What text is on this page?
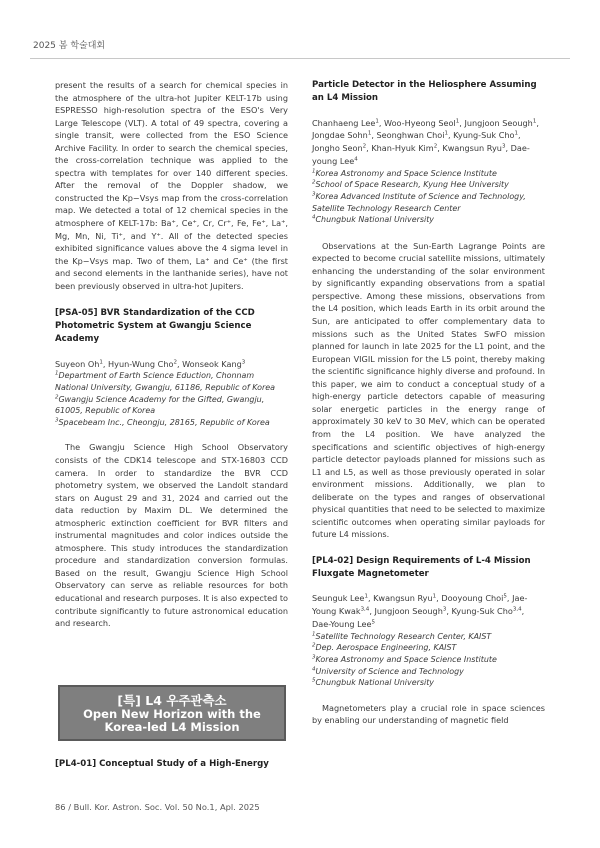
2025 봄 학술대회

present the results of a search for chemical species in the atmosphere of the ultra-hot Jupiter KELT-17b using ESPRESSO high-resolution spectra of the ESO's Very Large Telescope (VLT). A total of 49 spectra, covering a single transit, were collected from the ESO Science Archive Facility. In order to search the chemical species, the cross-correlation technique was applied to the spectra with templates for over 140 different species. After the removal of the Doppler shadow, we constructed the Kp−Vsys map from the cross-correlation map. We detected a total of 12 chemical species in the atmosphere of KELT-17b: Ba⁺, Ce⁺, Cr, Cr⁺, Fe, Fe⁺, La⁺, Mg, Mn, Ni, Ti⁺, and Y⁺. All of the detected species exhibited significance values above the 4 sigma level in the Kp−Vsys map. Two of them, La⁺ and Ce⁺ (the first and second elements in the lanthanide series), have not been previously observed in ultra-hot Jupiters.

[PSA-05] BVR Standardization of the CCD Photometric System at Gwangju Science Academy

Suyeon Oh$^1$, Hyun-Wung Cho$^2$, Wonseok Kang$^3$

$^1$Department of Earth Science Eduction, Chonnam National University, Gwangju, 61186, Republic of Korea
$^2$Gwangju Science Academy for the Gifted, Gwangju, 61005, Republic of Korea
$^3$Spacebeam Inc., Cheongju, 28165, Republic of Korea

The Gwangju Science High School Observatory consists of the CDK14 telescope and STX-16803 CCD camera. In order to standardize the BVR CCD photometry system, we observed the Landolt standard stars on August 29 and 31, 2024 and carried out the data reduction by Maxim DL. We determined the atmospheric extinction coefficient for BVR filters and instrumental magnitudes and color indices outside the atmosphere. This study introduces the standardization procedure and standardization conversion formulas. Based on the result, Gwangju Science High School Observatory can serve as reliable resources for both educational and research purposes. It is also expected to contribute significantly to future astronomical education and research.

[특] L4 우주관측소
Open New Horizon with the
Korea-led L4 Mission

[PL4-01] Conceptual Study of a High-Energy

Particle Detector in the Heliosphere Assuming an L4 Mission

Chanhaeng Lee$^1$, Woo-Hyeong Seol$^1$, Jungjoon Seough$^1$, Jongdae Sohn$^1$, Seonghwan Choi$^1$, Kyung-Suk Cho$^1$, Jongho Seon$^2$, Khan-Hyuk Kim$^2$, Kwangsun Ryu$^3$, Dae-young Lee$^4$

$^1$Korea Astronomy and Space Science Institute
$^2$School of Space Research, Kyung Hee University
$^3$Korea Advanced Institute of Science and Technology, Satellite Technology Research Center
$^4$Chungbuk National University

Observations at the Sun-Earth Lagrange Points are expected to become crucial satellite missions, ultimately enhancing the understanding of the solar environment by significantly expanding observations from a spatial perspective. Among these missions, observations from the L4 position, which leads Earth in its orbit around the Sun, are anticipated to offer complementary data to missions such as the United States SwFO mission planned for launch in late 2025 for the L1 point, and the European VIGIL mission for the L5 point, thereby making the scientific significance highly diverse and profound. In this paper, we aim to conduct a conceptual study of a high-energy particle detectors capable of measuring solar energetic particles in the energy range of approximately 30 keV to 30 MeV, which can be operated from the L4 position. We have analyzed the specifications and scientific objectives of high-energy particle detector payloads planned for missions such as L1 and L5, as well as those previously operated in solar environment missions. Additionally, we plan to deliberate on the types and ranges of observational physical quantities that need to be selected to maximize scientific outcomes when operating similar payloads for future L4 missions.

[PL4-02] Design Requirements of L-4 Mission Fluxgate Magnetometer

Seunguk Lee$^1$, Kwangsun Ryu$^1$, Dooyoung Choi$^5$, Jae-Young Kwak$^{3,4}$, Jungjoon Seough$^3$, Kyung-Suk Cho$^{3,4}$, Dae-Young Lee$^5$

$^1$Satellite Technology Research Center, KAIST
$^2$Dep. Aerospace Engineering, KAIST
$^3$Korea Astronomy and Space Science Institute
$^4$University of Science and Technology
$^5$Chungbuk National University

Magnetometers play a crucial role in space sciences by enabling our understanding of magnetic field

86 / Bull. Kor. Astron. Soc. Vol. 50 No.1, Apl. 2025
